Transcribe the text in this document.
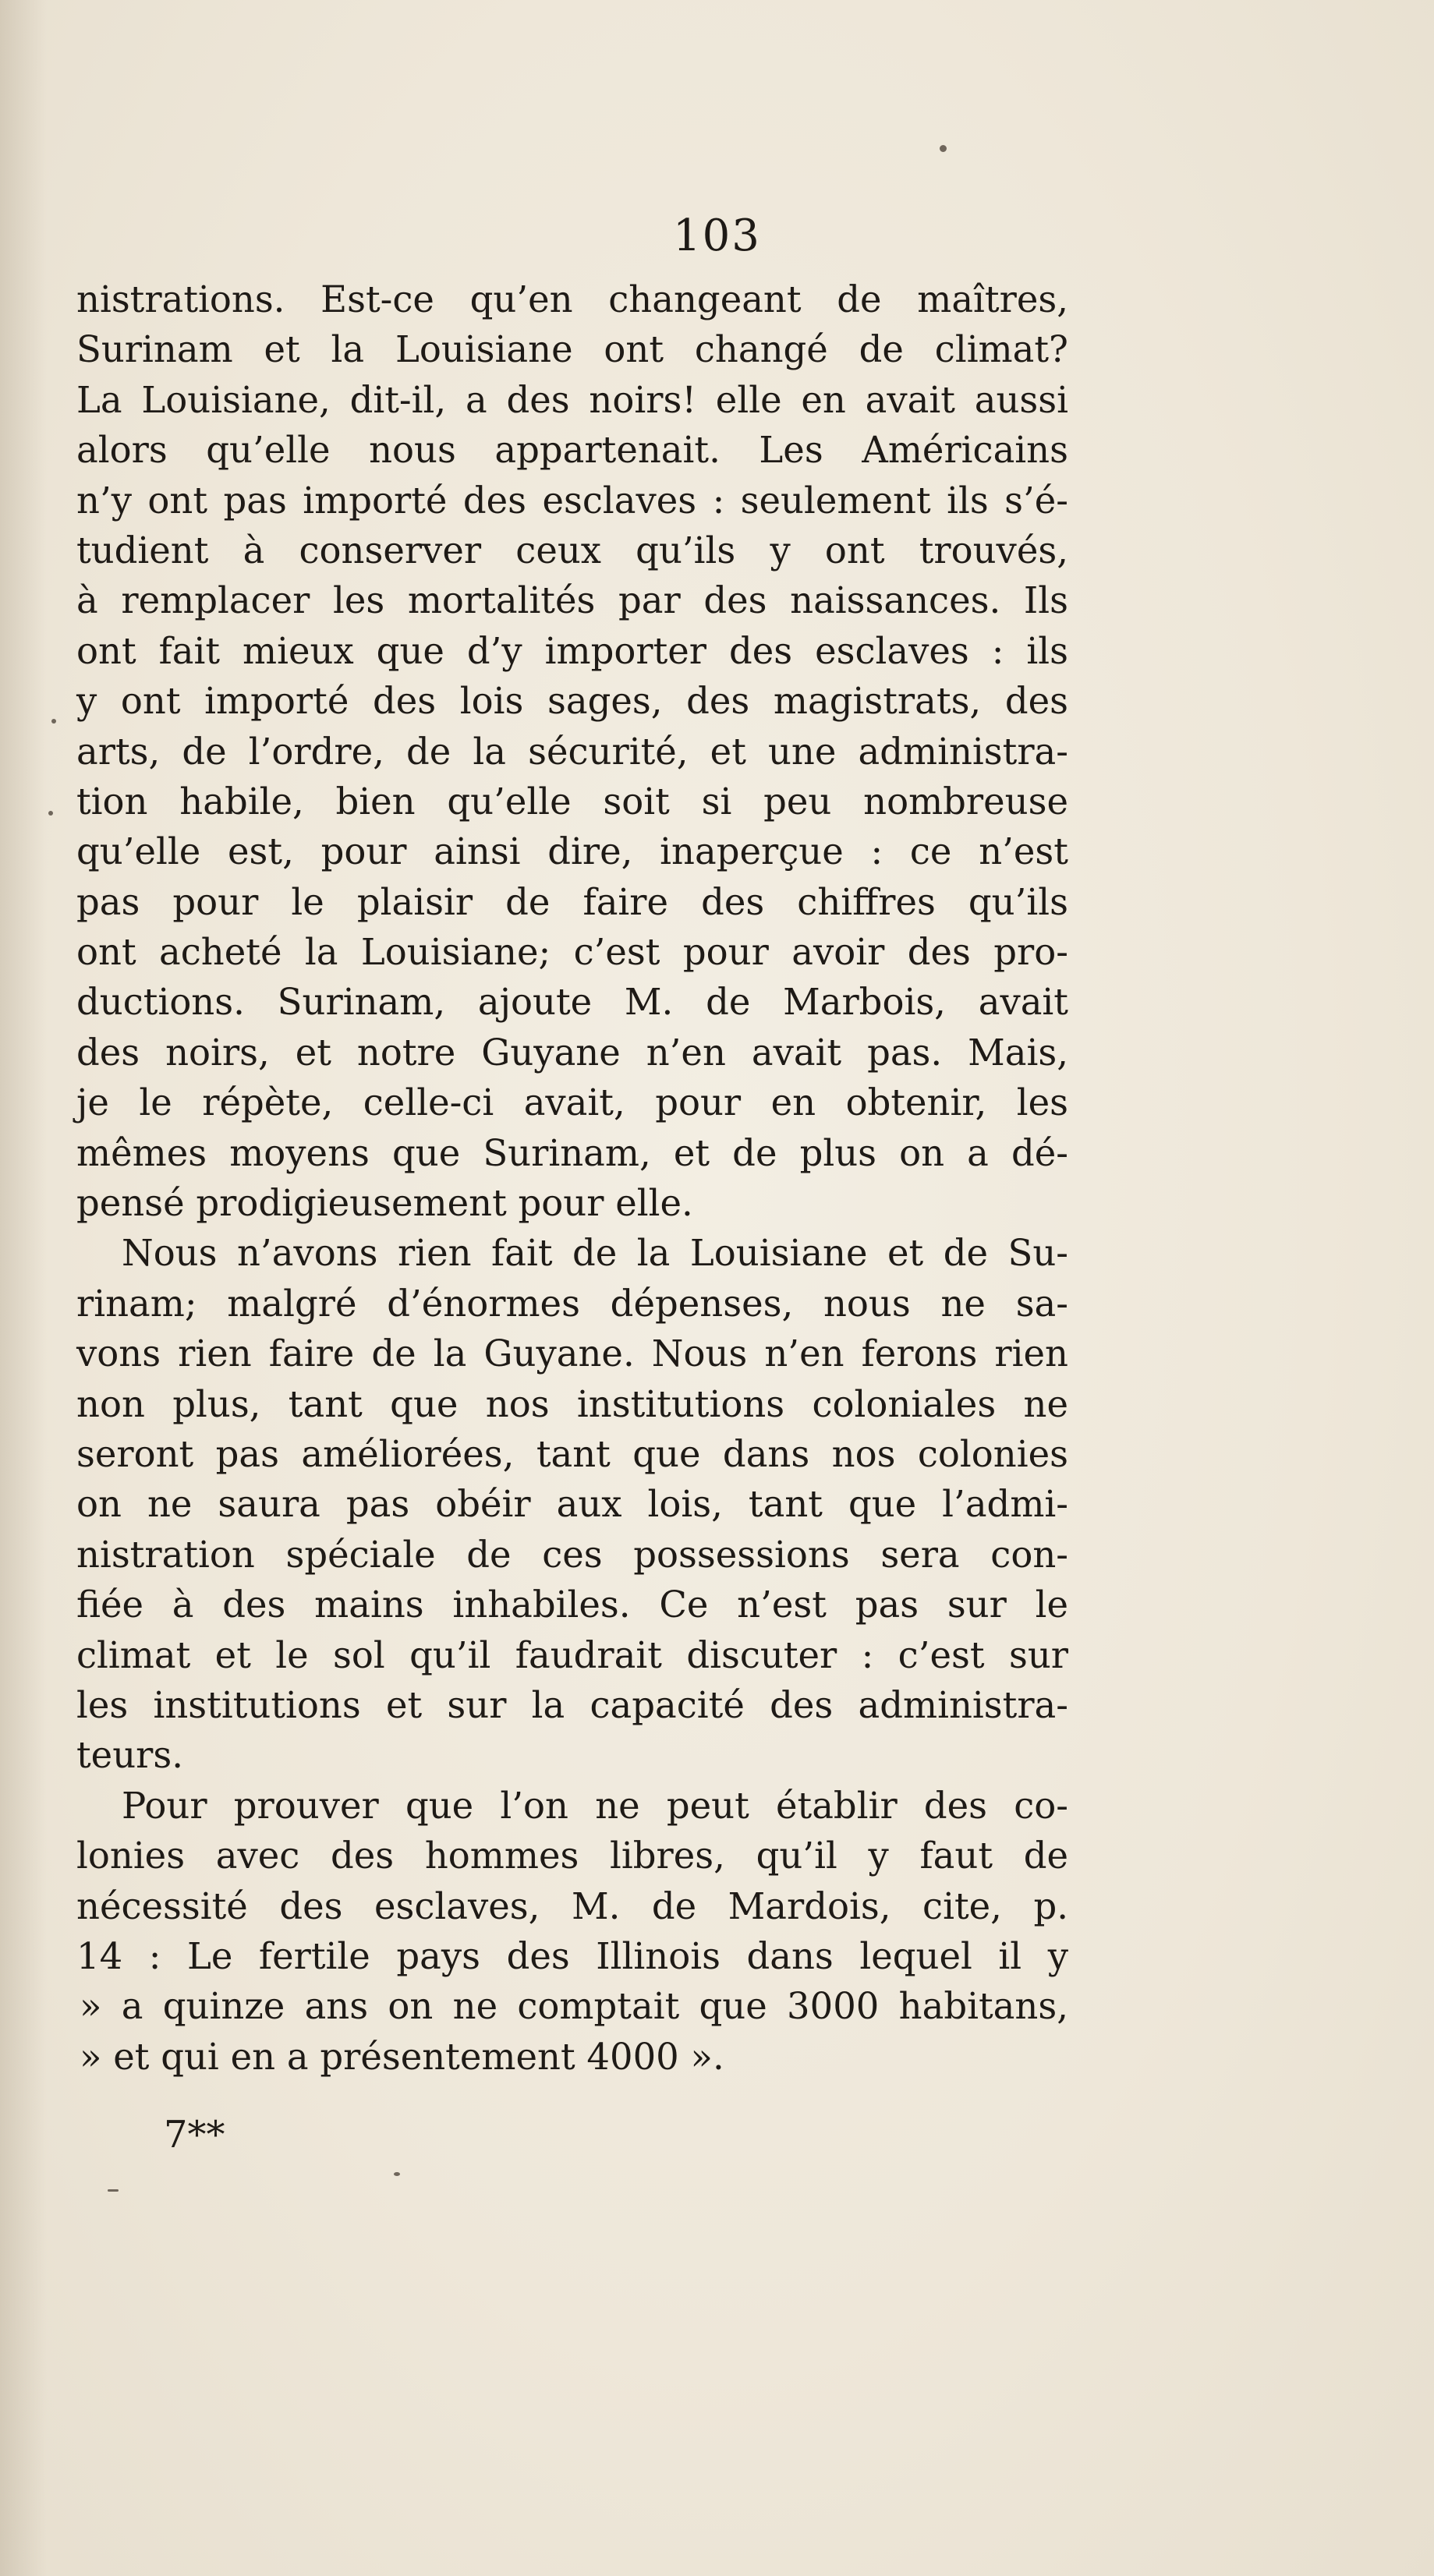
103
nistrations. Est-ce qu’en changeant de maîtres,
Surinam et la Louisiane ont changé de climat?
La Louisiane, dit-il, a des noirs! elle en avait aussi
alors qu’elle nous appartenait. Les Américains
n’y ont pas importé des esclaves : seulement ils s’é-
tudient à conserver ceux qu’ils y ont trouvés,
à remplacer les mortalités par des naissances. Ils
ont fait mieux que d’y importer des esclaves : ils
y ont importé des lois sages, des magistrats, des
arts, de l’ordre, de la sécurité, et une administra-
tion habile, bien qu’elle soit si peu nombreuse
qu’elle est, pour ainsi dire, inaperçue : ce n’est
pas pour le plaisir de faire des chiffres qu’ils
ont acheté la Louisiane; c’est pour avoir des pro-
ductions. Surinam, ajoute M. de Marbois, avait
des noirs, et notre Guyane n’en avait pas. Mais,
je le répète, celle-ci avait, pour en obtenir, les
mêmes moyens que Surinam, et de plus on a dé-
pensé prodigieusement pour elle.
Nous n’avons rien fait de la Louisiane et de Su-
rinam; malgré d’énormes dépenses, nous ne sa-
vons rien faire de la Guyane. Nous n’en ferons rien
non plus, tant que nos institutions coloniales ne
seront pas améliorées, tant que dans nos colonies
on ne saura pas obéir aux lois, tant que l’admi-
nistration spéciale de ces possessions sera con-
fiée à des mains inhabiles. Ce n’est pas sur le
climat et le sol qu’il faudrait discuter : c’est sur
les institutions et sur la capacité des administra-
teurs.
Pour prouver que l’on ne peut établir des co-
lonies avec des hommes libres, qu’il y faut de
nécessité des esclaves, M. de Mardois, cite, p.
14 : Le fertile pays des Illinois dans lequel il y
» a quinze ans on ne comptait que 3000 habitans,
» et qui en a présentement 4000 ».
7**
